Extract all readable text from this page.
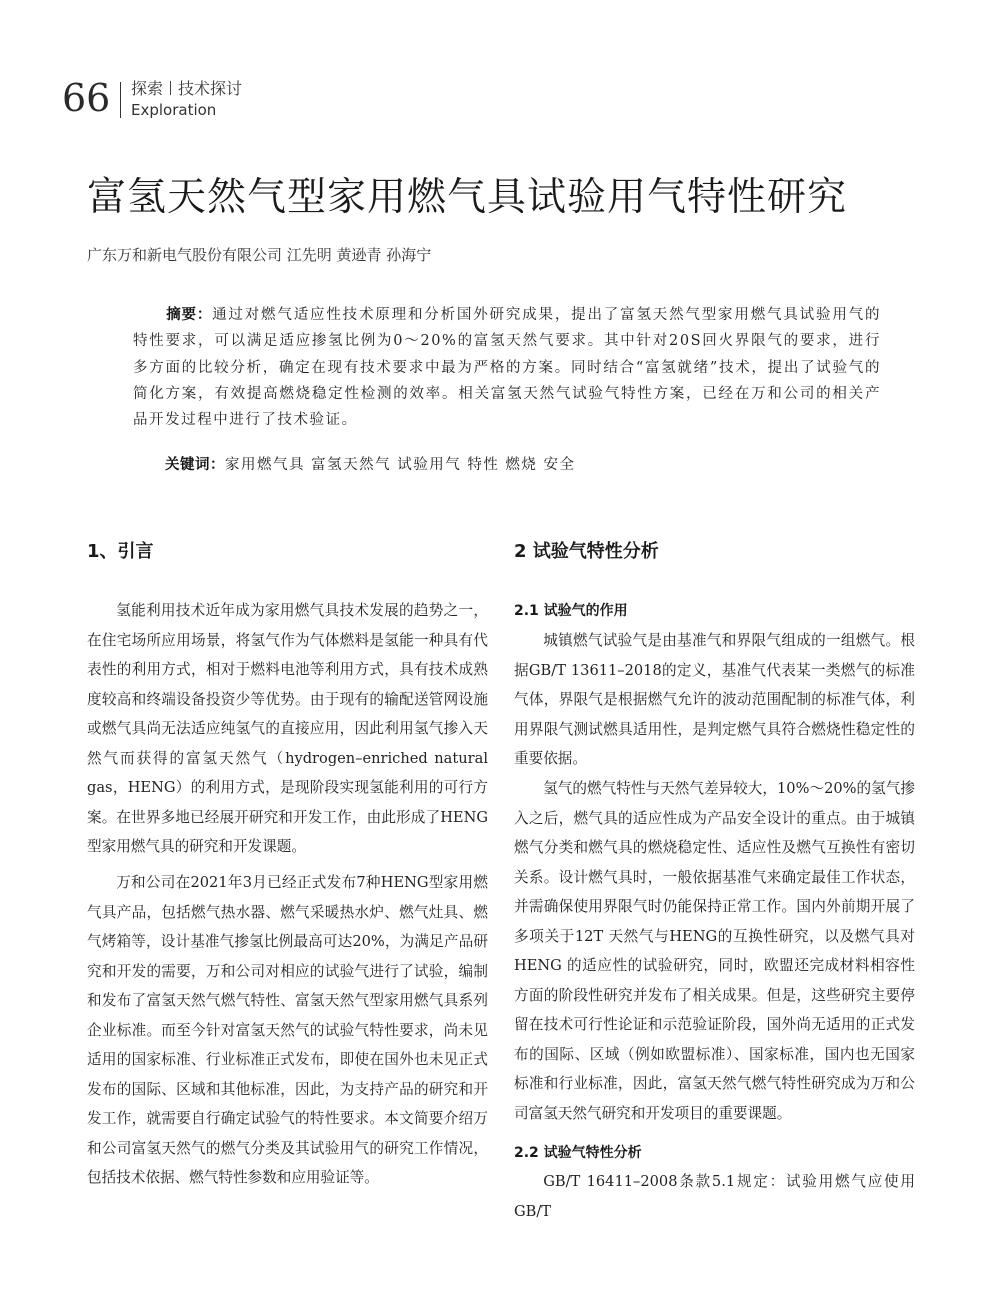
66 探索 技术探讨
Exploration
富氢天然气型家用燃气具试验用气特性研究
广东万和新电气股份有限公司 江先明 黄逊青 孙海宁

摘要：通过对燃气适应性技术原理和分析国外研究成果，提出了富氢天然气型家用燃气具试验用气的特性要求，可以满足适应掺氢比例为0～20%的富氢天然气要求。其中针对20S回火界限气的要求，进行多方面的比较分析，确定在现有技术要求中最为严格的方案。同时结合“富氢就绪”技术，提出了试验气的简化方案，有效提高燃烧稳定性检测的效率。相关富氢天然气试验气特性方案，已经在万和公司的相关产品开发过程中进行了技术验证。

关键词：家用燃气具 富氢天然气 试验用气 特性 燃烧 安全
1、引言

氢能利用技术近年成为家用燃气具技术发展的趋势之一，在住宅场所应用场景，将氢气作为气体燃料是氢能一种具有代表性的利用方式，相对于燃料电池等利用方式，具有技术成熟度较高和终端设备投资少等优势。由于现有的输配送管网设施或燃气具尚无法适应纯氢气的直接应用，因此利用氢气掺入天然气而获得的富氢天然气（hydrogen–enriched natural gas，HENG）的利用方式，是现阶段实现氢能利用的可行方案。在世界多地已经展开研究和开发工作，由此形成了HENG型家用燃气具的研究和开发课题。

万和公司在2021年3月已经正式发布7种HENG型家用燃气具产品，包括燃气热水器、燃气采暖热水炉、燃气灶具、燃气烤箱等，设计基准气掺氢比例最高可达20%，为满足产品研究和开发的需要，万和公司对相应的试验气进行了试验，编制和发布了富氢天然气燃气特性、富氢天然气型家用燃气具系列企业标准。而至今针对富氢天然气的试验气特性要求，尚未见适用的国家标准、行业标准正式发布，即使在国外也未见正式发布的国际、区域和其他标准，因此，为支持产品的研究和开发工作，就需要自行确定试验气的特性要求。本文简要介绍万和公司富氢天然气的燃气分类及其试验用气的研究工作情况，包括技术依据、燃气特性参数和应用验证等。

2 试验气特性分析
2.1 试验气的作用

城镇燃气试验气是由基准气和界限气组成的一组燃气。根据GB/T 13611–2018的定义，基准气代表某一类燃气的标准气体，界限气是根据燃气允许的波动范围配制的标准气体，利用界限气测试燃具适用性，是判定燃气具符合燃烧性稳定性的重要依据。

氢气的燃气特性与天然气差异较大，10%～20%的氢气掺入之后，燃气具的适应性成为产品安全设计的重点。由于城镇燃气分类和燃气具的燃烧稳定性、适应性及燃气互换性有密切关系。设计燃气具时，一般依据基准气来确定最佳工作状态，并需确保使用界限气时仍能保持正常工作。国内外前期开展了多项关于12T 天然气与HENG的互换性研究，以及燃气具对HENG 的适应性的试验研究，同时，欧盟还完成材料相容性方面的阶段性研究并发布了相关成果。但是，这些研究主要停留在技术可行性论证和示范验证阶段，国外尚无适用的正式发布的国际、区域（例如欧盟标准）、国家标准，国内也无国家标准和行业标准，因此，富氢天然气燃气特性研究成为万和公司富氢天然气研究和开发项目的重要课题。

2.2 试验气特性分析

GB/T 16411–2008条款5.1规定：试验用燃气应使用GB/T
